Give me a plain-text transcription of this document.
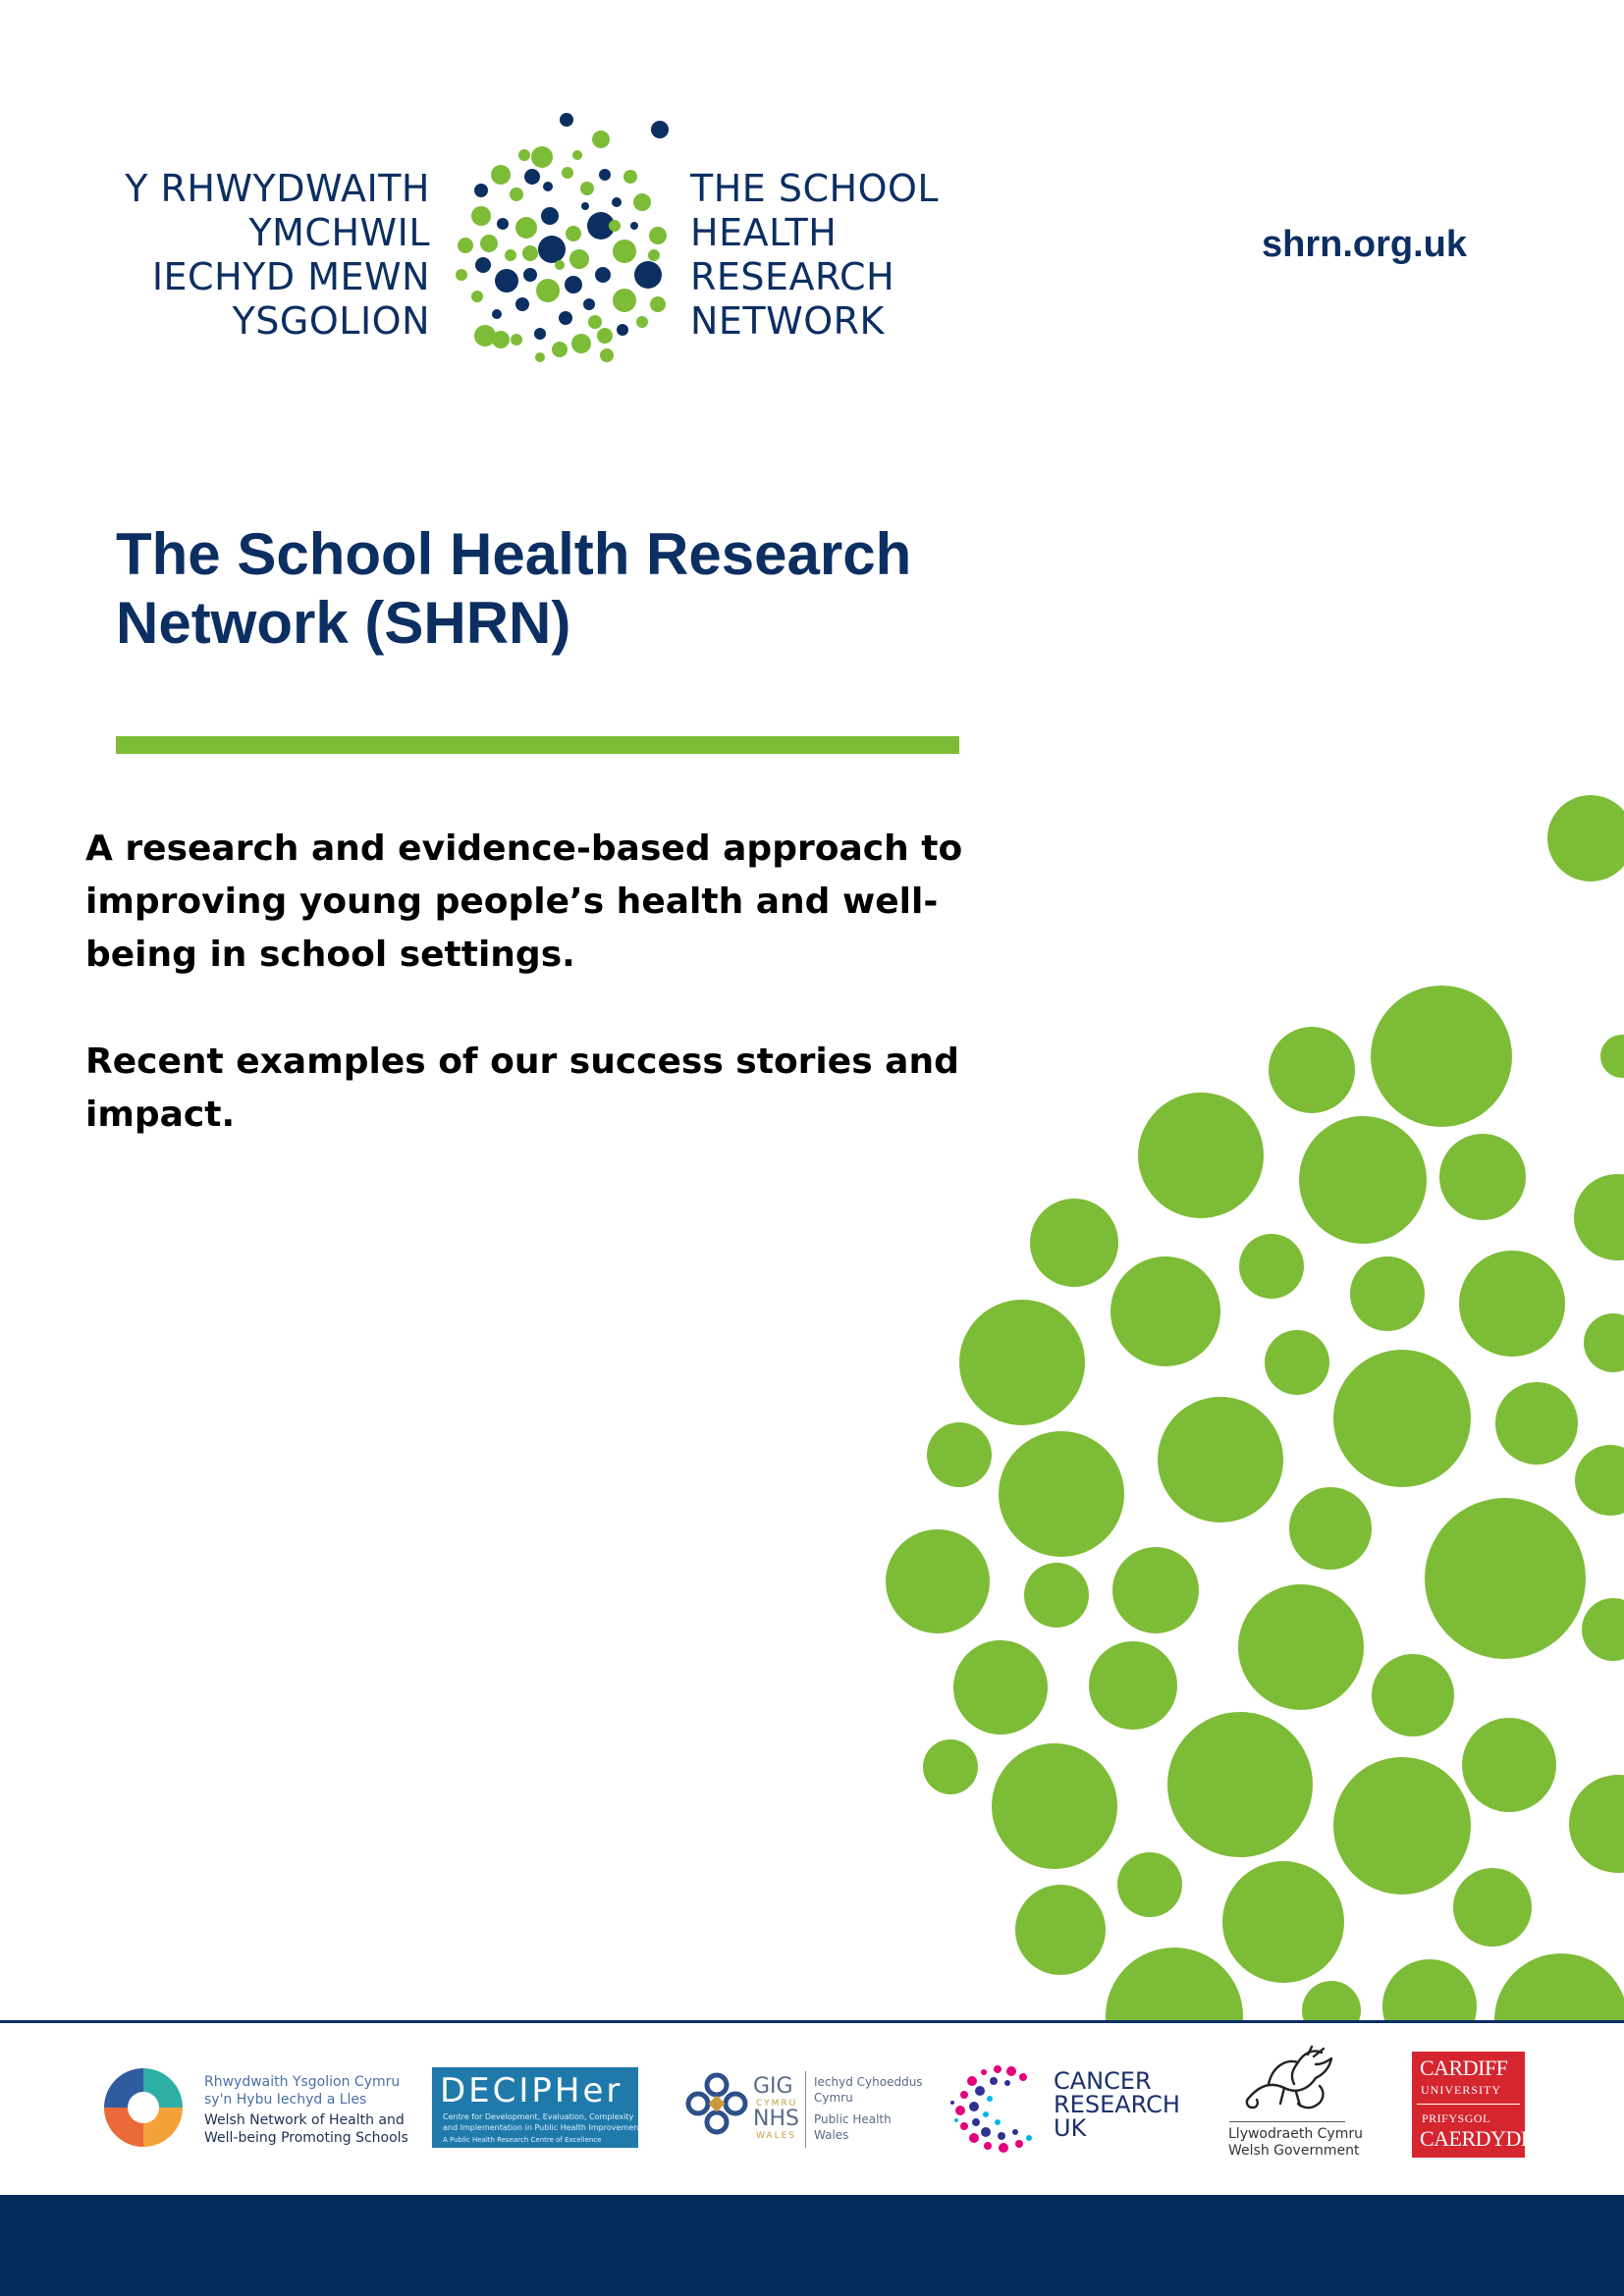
Y RHWYDWAITH
YMCHWIL
IECHYD MEWN
YSGOLION
THE SCHOOL
HEALTH
RESEARCH
NETWORK
shrn.org.uk
The School Health Research
Network (SHRN)

A research and evidence-based approach to
improving young people’s health and well-
being in school settings.

Recent examples of our success stories and
impact.

Rhwydwaith Ysgolion Cymru
sy'n Hybu Iechyd a Lles
Welsh Network of Health and
Well-being Promoting Schools
DECIPHer
Centre for Development, Evaluation, Complexity
and Implementation in Public Health Improvement
A Public Health Research Centre of Excellence
GIG
CYMRU
NHS
WALES
Iechyd Cyhoeddus
Cymru
Public Health
Wales
CANCER
RESEARCH
UK	Llywodraeth Cymru
Welsh Government
CARDIFF
UNIVERSITY
PRIFYSGOL
CAERDYDD
